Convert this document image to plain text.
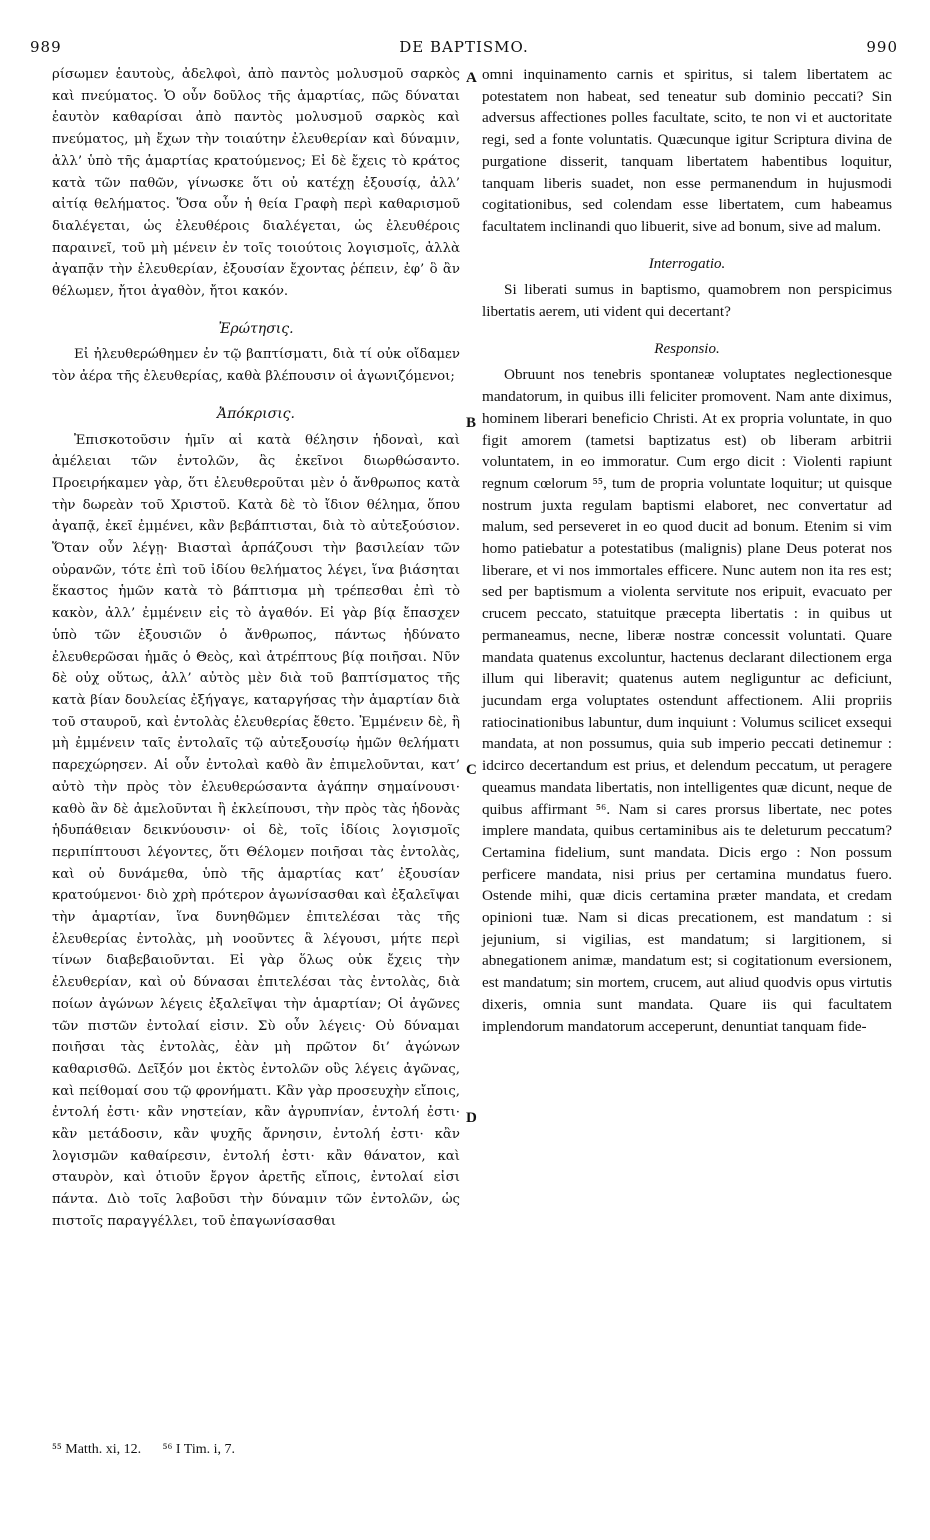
989	DE BAPTISMO.	990

ρίσωμεν ἑαυτοὺς, ἀδελφοὶ, ἀπὸ παντὸς μολυσμοῦ σαρκὸς καὶ πνεύματος. Ὁ οὖν δοῦλος τῆς ἁμαρτίας, πῶς δύναται ἑαυτὸν καθαρίσαι ἀπὸ παντὸς μολυσμοῦ σαρκὸς καὶ πνεύματος, μὴ ἔχων τὴν τοιαύτην ἐλευθερίαν καὶ δύναμιν, ἀλλ’ ὑπὸ τῆς ἁμαρτίας κρατούμενος; Εἰ δὲ ἔχεις τὸ κράτος κατὰ τῶν παθῶν, γίνωσκε ὅτι οὐ κατέχῃ ἐξουσίᾳ, ἀλλ’ αἰτίᾳ θελήματος. Ὅσα οὖν ἡ θεία Γραφὴ περὶ καθαρισμοῦ διαλέγεται, ὡς ἐλευθέροις διαλέγεται, ὡς ἐλευθέροις παραινεῖ, τοῦ μὴ μένειν ἐν τοῖς τοιούτοις λογισμοῖς, ἀλλὰ ἀγαπᾷν τὴν ἐλευθερίαν, ἐξουσίαν ἔχοντας ῥέπειν, ἐφ’ ὃ ἂν θέλωμεν, ἤτοι ἀγαθὸν, ἤτοι κακόν.

Ἐρώτησις.

Εἰ ἠλευθερώθημεν ἐν τῷ βαπτίσματι, διὰ τί οὐκ οἴδαμεν τὸν ἀέρα τῆς ἐλευθερίας, καθὰ βλέπουσιν οἱ ἀγωνιζόμενοι;

Ἀπόκρισις.

Ἐπισκοτοῦσιν ἡμῖν αἱ κατὰ θέλησιν ἡδοναὶ, καὶ ἀμέλειαι τῶν ἐντολῶν, ἃς ἐκεῖνοι διωρθώσαντο. Προειρήκαμεν γὰρ, ὅτι ἐλευθεροῦται μὲν ὁ ἄνθρωπος κατὰ τὴν δωρεὰν τοῦ Χριστοῦ. Κατὰ δὲ τὸ ἴδιον θέλημα, ὅπου ἀγαπᾷ, ἐκεῖ ἐμμένει, κἂν βεβάπτισται, διὰ τὸ αὐτεξούσιον. Ὅταν οὖν λέγῃ· Βιασταὶ ἁρπάζουσι τὴν βασιλείαν τῶν οὐρανῶν, τότε ἐπὶ τοῦ ἰδίου θελήματος λέγει, ἵνα βιάσηται ἕκαστος ἡμῶν κατὰ τὸ βάπτισμα μὴ τρέπεσθαι ἐπὶ τὸ κακὸν, ἀλλ’ ἐμμένειν εἰς τὸ ἀγαθόν. Εἰ γὰρ βίᾳ ἔπασχεν ὑπὸ τῶν ἐξουσιῶν ὁ ἄνθρωπος, πάντως ἠδύνατο ἐλευθερῶσαι ἡμᾶς ὁ Θεὸς, καὶ ἀτρέπτους βίᾳ ποιῆσαι. Νῦν δὲ οὐχ οὕτως, ἀλλ’ αὐτὸς μὲν διὰ τοῦ βαπτίσματος τῆς κατὰ βίαν δουλείας ἐξήγαγε, καταργήσας τὴν ἁμαρτίαν διὰ τοῦ σταυροῦ, καὶ ἐντολὰς ἐλευθερίας ἔθετο. Ἐμμένειν δὲ, ἢ μὴ ἐμμένειν ταῖς ἐντολαῖς τῷ αὐτεξουσίῳ ἡμῶν θελήματι παρεχώρησεν. Αἱ οὖν ἐντολαὶ καθὸ ἂν ἐπιμελοῦνται, κατ’ αὐτὸ τὴν πρὸς τὸν ἐλευθερώσαντα ἀγάπην σημαίνουσι· καθὸ ἂν δὲ ἀμελοῦνται ἢ ἐκλείπουσι, τὴν πρὸς τὰς ἡδονὰς ἡδυπάθειαν δεικνύουσιν· οἱ δὲ, τοῖς ἰδίοις λογισμοῖς περιπίπτουσι λέγοντες, ὅτι Θέλομεν ποιῆσαι τὰς ἐντολὰς, καὶ οὐ δυνάμεθα, ὑπὸ τῆς ἁμαρτίας κατ’ ἐξουσίαν κρατούμενοι· διὸ χρὴ πρότερον ἀγωνίσασθαι καὶ ἐξαλεῖψαι τὴν ἁμαρτίαν, ἵνα δυνηθῶμεν ἐπιτελέσαι τὰς τῆς ἐλευθερίας ἐντολὰς, μὴ νοοῦντες ἃ λέγουσι, μήτε περὶ τίνων διαβεβαιοῦνται. Εἰ γὰρ ὅλως οὐκ ἔχεις τὴν ἐλευθερίαν, καὶ οὐ δύνασαι ἐπιτελέσαι τὰς ἐντολὰς, διὰ ποίων ἀγώνων λέγεις ἐξαλεῖψαι τὴν ἁμαρτίαν; Οἱ ἀγῶνες τῶν πιστῶν ἐντολαί εἰσιν. Σὺ οὖν λέγεις· Οὐ δύναμαι ποιῆσαι τὰς ἐντολὰς, ἐὰν μὴ πρῶτον δι’ ἀγώνων καθαρισθῶ. Δεῖξόν μοι ἐκτὸς ἐντολῶν οὓς λέγεις ἀγῶνας, καὶ πείθομαί σου τῷ φρονήματι. Κἂν γὰρ προσευχὴν εἴποις, ἐντολή ἐστι· κἂν νηστείαν, κἂν ἀγρυπνίαν, ἐντολή ἐστι· κἂν μετάδοσιν, κἂν ψυχῆς ἄρνησιν, ἐντολή ἐστι· κἂν λογισμῶν καθαίρεσιν, ἐντολή ἐστι· κἂν θάνατον, καὶ σταυρὸν, καὶ ὁτιοῦν ἔργον ἀρετῆς εἴποις, ἐντολαί εἰσι πάντα. Διὸ τοῖς λαβοῦσι τὴν δύναμιν τῶν ἐντολῶν, ὡς πιστοῖς παραγγέλλει, τοῦ ἐπαγωνίσασθαι

A
B
C
D

omni inquinamento carnis et spiritus, si talem libertatem ac potestatem non habeat, sed teneatur sub dominio peccati? Sin adversus affectiones polles facultate, scito, te non vi et auctoritate regi, sed a fonte voluntatis. Quæcunque igitur Scriptura divina de purgatione disserit, tanquam libertatem habentibus loquitur, tanquam liberis suadet, non esse permanendum in hujusmodi cogitationibus, sed colendam esse libertatem, cum habeamus facultatem inclinandi quo libuerit, sive ad bonum, sive ad malum.

Interrogatio.

Si liberati sumus in baptismo, quamobrem non perspicimus libertatis aerem, uti vident qui decertant?

Responsio.

Obruunt nos tenebris spontaneæ voluptates neglectionesque mandatorum, in quibus illi feliciter promovent. Nam ante diximus, hominem liberari beneficio Christi. At ex propria voluntate, in quo figit amorem (tametsi baptizatus est) ob liberam arbitrii voluntatem, in eo immoratur. Cum ergo dicit : Violenti rapiunt regnum cœlorum ⁵⁵, tum de propria voluntate loquitur; ut quisque nostrum juxta regulam baptismi elaboret, nec convertatur ad malum, sed perseveret in eo quod ducit ad bonum. Etenim si vim homo patiebatur a potestatibus (malignis) plane Deus poterat nos liberare, et vi nos immortales efficere. Nunc autem non ita res est; sed per baptismum a violenta servitute nos eripuit, evacuato per crucem peccato, statuitque præcepta libertatis : in quibus ut permaneamus, necne, liberæ nostræ concessit voluntati. Quare mandata quatenus excoluntur, hactenus declarant dilectionem erga illum qui liberavit; quatenus autem negliguntur ac deficiunt, jucundam erga voluptates ostendunt affectionem. Alii propriis ratiocinationibus labuntur, dum inquiunt : Volumus scilicet exsequi mandata, at non possumus, quia sub imperio peccati detinemur : idcirco decertandum est prius, et delendum peccatum, ut peragere queamus mandata libertatis, non intelligentes quæ dicunt, neque de quibus affirmant ⁵⁶. Nam si cares prorsus libertate, nec potes implere mandata, quibus certaminibus ais te deleturum peccatum? Certamina fidelium, sunt mandata. Dicis ergo : Non possum perficere mandata, nisi prius per certamina mundatus fuero. Ostende mihi, quæ dicis certamina præter mandata, et credam opinioni tuæ. Nam si dicas precationem, est mandatum : si jejunium, si vigilias, est mandatum; si largitionem, si abnegationem animæ, mandatum est; si cogitationum eversionem, est mandatum; sin mortem, crucem, aut aliud quodvis opus virtutis dixeris, omnia sunt mandata. Quare iis qui facultatem implendorum mandatorum acceperunt, denuntiat tanquam fide-

⁵⁵ Matth. xi, 12. ⁵⁶ I Tim. i, 7.
